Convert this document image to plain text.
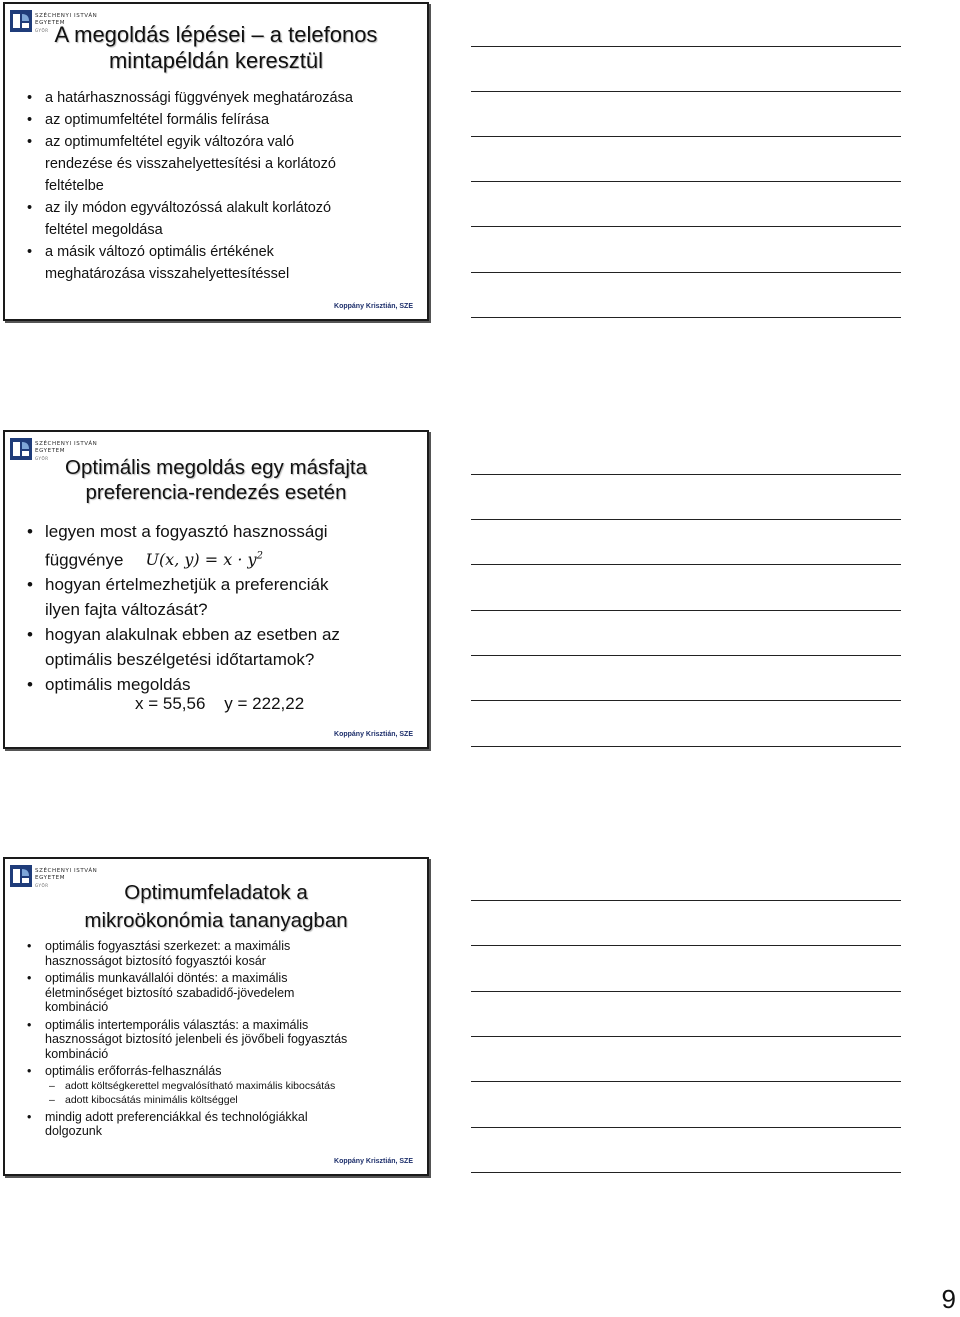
SZÉCHENYI ISTVÁN
EGYETEM
GYŐR A megoldás lépései – a telefonos
mintapéldán keresztül
• a határhasznossági függvények meghatározása
• az optimumfeltétel formális felírása
• az optimumfeltétel egyik változóra való
rendezése és visszahelyettesítési a korlátozó
feltételbe
• az ily módon egyváltozóssá alakult korlátozó
feltétel megoldása
• a másik változó optimális értékének
meghatározása visszahelyettesítéssel
Koppány Krisztián, SZE
SZÉCHENYI ISTVÁN
EGYETEM
GYŐR Optimális megoldás egy másfajta
preferencia-rendezés esetén
• legyen most a fogyasztó hasznossági
függvénye U(x, $y) = x \cdot y^2$
• hogyan értelmezhetjük a preferenciák
ilyen fajta változását?
• hogyan alakulnak ebben az esetben az
optimális beszélgetési időtartamok?
• optimális megoldás
x = 55,56    y = 222,22
Koppány Krisztián, SZE
SZÉCHENYI ISTVÁN
EGYETEM
GYŐR	Optimumfeladatok a
mikroökonómia tananyagban
• optimális fogyasztási szerkezet: a maximális
hasznosságot biztosító fogyasztói kosár
• optimális munkavállalói döntés: a maximális
életminőséget biztosító szabadidő-jövedelem
kombináció
• optimális intertemporális választás: a maximális
hasznosságot biztosító jelenbeli és jövőbeli fogyasztás
kombináció
• optimális erőforrás-felhasználás
– adott költségkerettel megvalósítható maximális kibocsátás
– adott kibocsátás minimális költséggel
• mindig adott preferenciákkal és technológiákkal
dolgozunk
Koppány Krisztián, SZE
9
